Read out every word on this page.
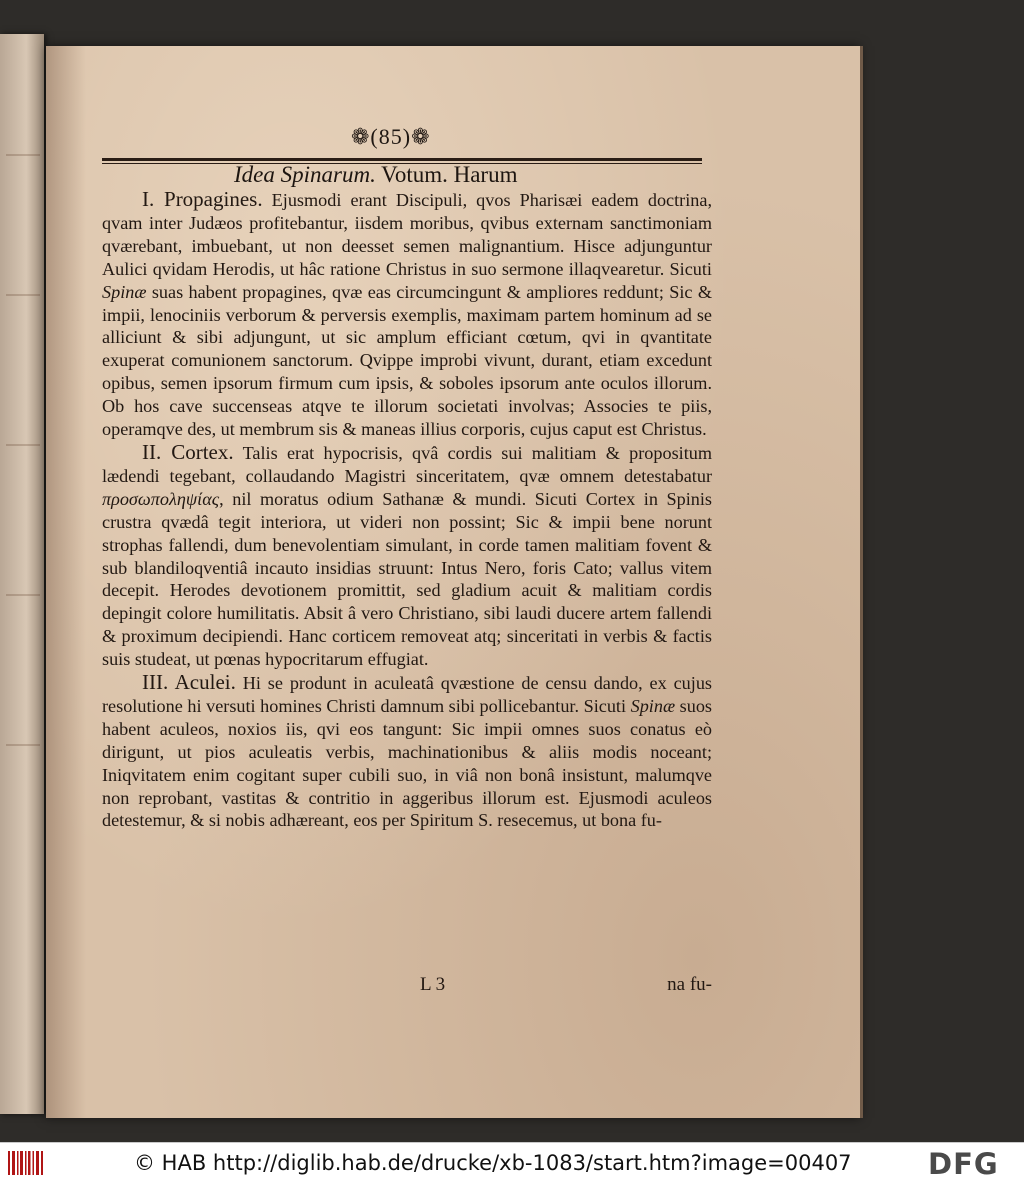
❁(85)❁
Idea Spinarum. Votum. Harum

I. Propagines. Ejusmodi erant Discipuli, qvos Pharisæi eadem doctrina, qvam inter Judæos profitebantur, iisdem moribus, qvibus externam sanctimoniam qværebant, imbuebant, ut non deesset semen malignantium. Hisce adjunguntur Aulici qvidam Herodis, ut hâc ratione Christus in suo sermone illaqvearetur. Sicuti Spinæ suas habent propagines, qvæ eas circumcingunt & ampliores reddunt; Sic & impii, lenociniis verborum & perversis exemplis, maximam partem hominum ad se alliciunt & sibi adjungunt, ut sic amplum efficiant cœtum, qvi in qvantitate exuperat comunionem sanctorum. Qvippe improbi vivunt, durant, etiam excedunt opibus, semen ipsorum firmum cum ipsis, & soboles ipsorum ante oculos illorum. Ob hos cave succenseas atqve te illorum societati involvas; Associes te piis, operamqve des, ut membrum sis & maneas illius corporis, cujus caput est Christus.

II. Cortex. Talis erat hypocrisis, qvâ cordis sui malitiam & propositum lædendi tegebant, collaudando Magistri sinceritatem, qvæ omnem detestabatur προσωποληψίας, nil moratus odium Sathanæ & mundi. Sicuti Cortex in Spinis crustra qvædâ tegit interiora, ut videri non possint; Sic & impii bene norunt strophas fallendi, dum benevolentiam simulant, in corde tamen malitiam fovent & sub blandiloqventiâ incauto insidias struunt: Intus Nero, foris Cato; vallus vitem decepit. Herodes devotionem promittit, sed gladium acuit & malitiam cordis depingit colore humilitatis. Absit â vero Christiano, sibi laudi ducere artem fallendi & proximum decipiendi. Hanc corticem removeat atq; sinceritati in verbis & factis suis studeat, ut pœnas hypocritarum effugiat.

III. Aculei. Hi se produnt in aculeatâ qvæstione de censu dando, ex cujus resolutione hi versuti homines Christi damnum sibi pollicebantur. Sicuti Spinæ suos habent aculeos, noxios iis, qvi eos tangunt: Sic impii omnes suos conatus eò dirigunt, ut pios aculeatis verbis, machinationibus & aliis modis noceant; Iniqvitatem enim cogitant super cubili suo, in viâ non bonâ insistunt, malumqve non reprobant, vastitas & contritio in aggeribus illorum est. Ejusmodi aculeos detestemur, & si nobis adhæreant, eos per Spiritum S. resecemus, ut bona fu-

L 3	na fu-
© HAB http://diglib.hab.de/drucke/xb-1083/start.htm?image=00407	DFG
